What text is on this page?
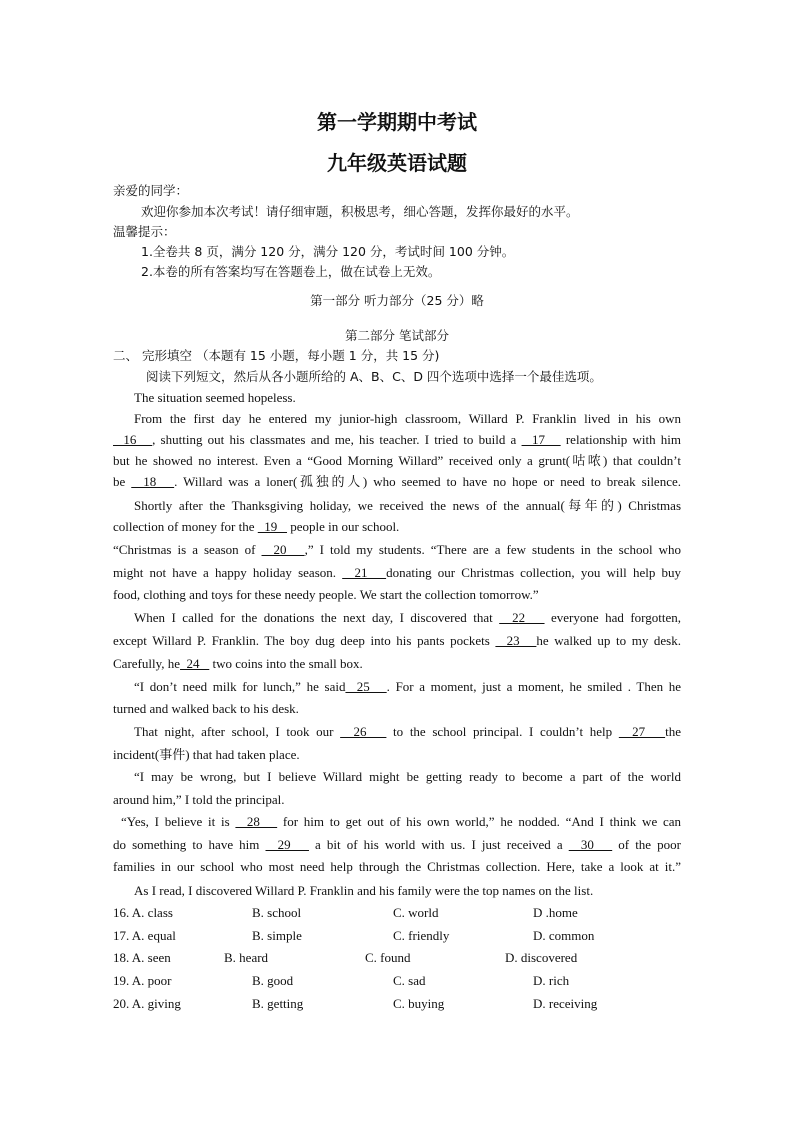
第一学期期中考试
九年级英语试题
亲爱的同学：
欢迎你参加本次考试！请仔细审题，积极思考，细心答题，发挥你最好的水平。
温馨提示：
1.全卷共 8 页，满分 120 分，满分 120 分，考试时间 100 分钟。
2.本卷的所有答案均写在答题卷上，做在试卷上无效。
第一部分 听力部分（25 分）略
第二部分 笔试部分
二、 完形填空 （本题有 15 小题，每小题 1 分，共 15 分)
阅读下列短文，然后从各小题所给的 A、B、C、D 四个选项中选择一个最佳选项。
The situation seemed hopeless.
From the first day he entered my junior-high classroom, Willard P. Franklin lived in his own
16   , shutting out his classmates and me, his teacher. I tried to build a   17    relationship with him
but he showed no interest. Even a “Good Morning Willard” received only a grunt(咕哝) that couldn’t
be   18   . Willard was a loner(孤独的人) who seemed to have no hope or need to break silence.
Shortly after the Thanksgiving holiday, we received the news of the annual(每年的) Christmas
collection of money for the   19    people in our school.
“Christmas is a season of   20   ,” I told my students. “There are a few students in the school who
might not have a happy holiday season.   21   donating our Christmas collection, you will help buy
food, clothing and toys for these needy people. We start the collection tomorrow.”
When I called for the donations the next day, I discovered that   22    everyone had forgotten,
except Willard P. Franklin. The boy dug deep into his pants pockets   23   he walked up to my desk.
Carefully, he  24    two coins into the small box.
“I don’t need milk for lunch,” he said  25   . For a moment, just a moment, he smiled . Then he
turned and walked back to his desk.
That night, after school, I took our   26    to the school principal. I couldn’t help   27   the
incident(事件) that had taken place.
“I may be wrong, but I believe Willard might be getting ready to become a part of the world
around him,” I told the principal.
“Yes, I believe it is   28    for him to get out of his own world,” he nodded. “And I think we can
do something to have him   29    a bit of his world with us. I just received a   30    of the poor
families in our school who most need help through the Christmas collection. Here, take a look at it.”
As I read, I discovered Willard P. Franklin and his family were the top names on the list.
16. A. class	B. school	C. world	D .home
17. A. equal	B. simple	C. friendly	D. common
18. A. seen	B. heard	C. found	D. discovered
19. A. poor	B. good	C. sad	D. rich
20. A. giving	B. getting	C. buying	D. receiving
